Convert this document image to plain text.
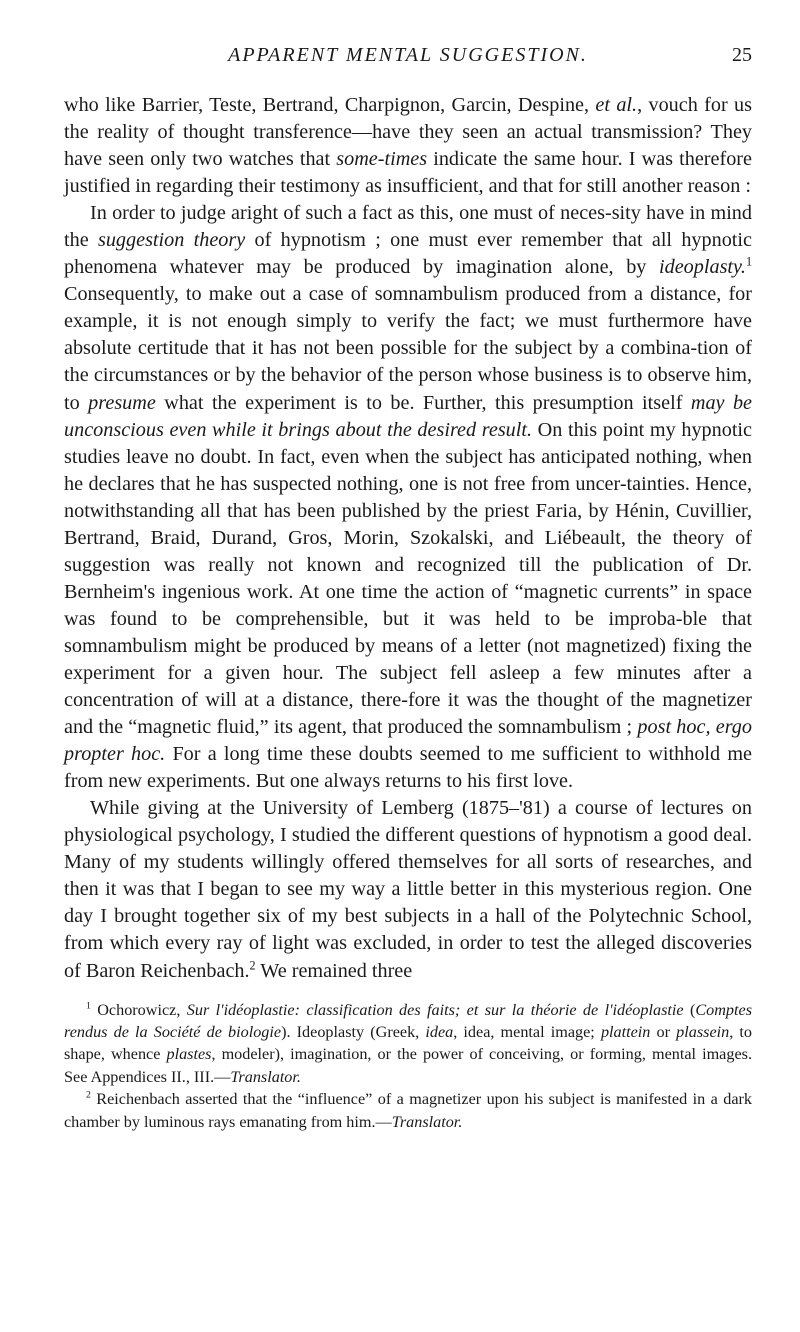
APPARENT MENTAL SUGGESTION.	25

who like Barrier, Teste, Bertrand, Charpignon, Garcin, Despine, et al., vouch for us the reality of thought transference—have they seen an actual transmission? They have seen only two watches that some-times indicate the same hour. I was therefore justified in regarding their testimony as insufficient, and that for still another reason :

In order to judge aright of such a fact as this, one must of neces-sity have in mind the suggestion theory of hypnotism ; one must ever remember that all hypnotic phenomena whatever may be produced by imagination alone, by ideoplasty.$^1$ Consequently, to make out a case of somnambulism produced from a distance, for example, it is not enough simply to verify the fact; we must furthermore have absolute certitude that it has not been possible for the subject by a combina-tion of the circumstances or by the behavior of the person whose business is to observe him, to presume what the experiment is to be. Further, this presumption itself may be unconscious even while it brings about the desired result. On this point my hypnotic studies leave no doubt. In fact, even when the subject has anticipated nothing, when he declares that he has suspected nothing, one is not free from uncer-tainties. Hence, notwithstanding all that has been published by the priest Faria, by Hénin, Cuvillier, Bertrand, Braid, Durand, Gros, Morin, Szokalski, and Liébeault, the theory of suggestion was really not known and recognized till the publication of Dr. Bernheim's ingenious work. At one time the action of “magnetic currents” in space was found to be comprehensible, but it was held to be improba-ble that somnambulism might be produced by means of a letter (not magnetized) fixing the experiment for a given hour. The subject fell asleep a few minutes after a concentration of will at a distance, there-fore it was the thought of the magnetizer and the “magnetic fluid,” its agent, that produced the somnambulism ; post hoc, ergo propter hoc. For a long time these doubts seemed to me sufficient to withhold me from new experiments. But one always returns to his first love.

While giving at the University of Lemberg (1875–'81) a course of lectures on physiological psychology, I studied the different questions of hypnotism a good deal. Many of my students willingly offered themselves for all sorts of researches, and then it was that I began to see my way a little better in this mysterious region. One day I brought together six of my best subjects in a hall of the Polytechnic School, from which every ray of light was excluded, in order to test the alleged discoveries of Baron Reichenbach.$^2$ We remained three

$^1$ Ochorowicz, Sur l'idéoplastie: classification des faits; et sur la théorie de l'idéoplastie (Comptes rendus de la Société de biologie). Ideoplasty (Greek, idea, idea, mental image; plattein or plassein, to shape, whence plastes, modeler), imagination, or the power of conceiving, or forming, mental images. See Appendices II., III.—Translator.

$^2$ Reichenbach asserted that the “influence” of a magnetizer upon his subject is manifested in a dark chamber by luminous rays emanating from him.—Translator.
